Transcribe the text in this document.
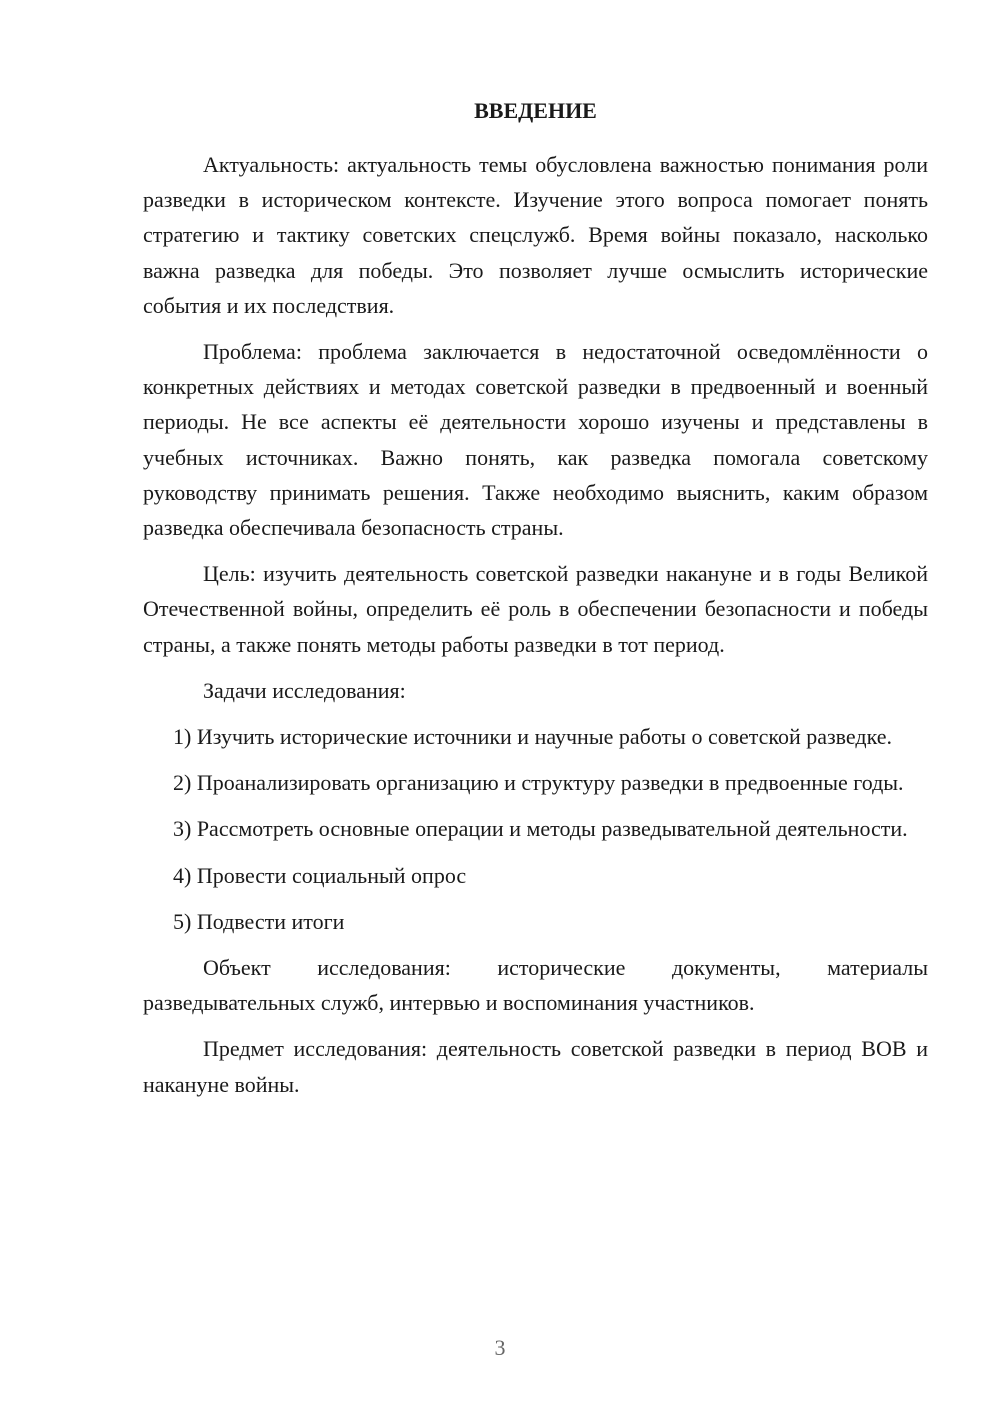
ВВЕДЕНИЕ

Актуальность: актуальность темы обусловлена важностью понимания роли разведки в историческом контексте. Изучение этого вопроса помогает понять стратегию и тактику советских спецслужб. Время войны показало, насколько важна разведка для победы. Это позволяет лучше осмыслить исторические события и их последствия.

Проблема: проблема заключается в недостаточной осведомлённости о конкретных действиях и методах советской разведки в предвоенный и военный периоды. Не все аспекты её деятельности хорошо изучены и представлены в учебных источниках. Важно понять, как разведка помогала советскому руководству принимать решения. Также необходимо выяснить, каким образом разведка обеспечивала безопасность страны.

Цель: изучить деятельность советской разведки накануне и в годы Великой Отечественной войны, определить её роль в обеспечении безопасности и победы страны, а также понять методы работы разведки в тот период.

Задачи исследования:

1) Изучить исторические источники и научные работы о советской разведке.

2) Проанализировать организацию и структуру разведки в предвоенные годы.

3) Рассмотреть основные операции и методы разведывательной деятельности.

4) Провести социальный опрос

5) Подвести итоги

Объект исследования: исторические документы, материалы разведывательных служб, интервью и воспоминания участников.

Предмет исследования: деятельность советской разведки в период ВОВ и накануне войны.

3
